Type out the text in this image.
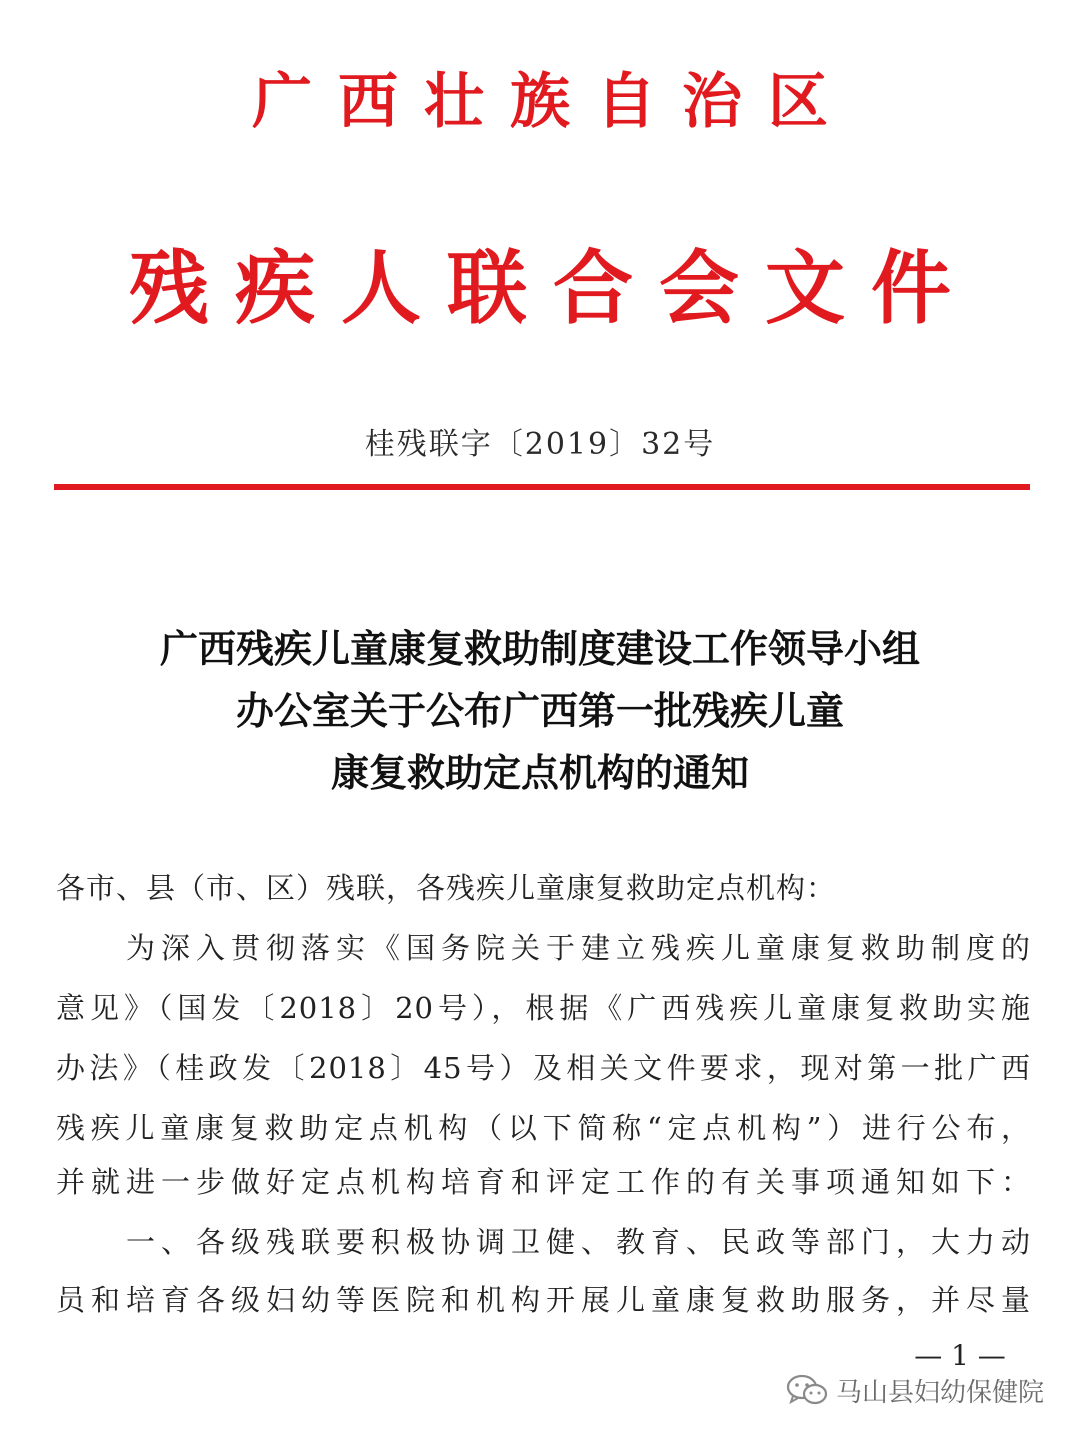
广西壮族自治区
残疾人联合会文件
桂残联字〔2019〕32号
广西残疾儿童康复救助制度建设工作领导小组
办公室关于公布广西第一批残疾儿童
康复救助定点机构的通知
各市、县（市、区）残联，各残疾儿童康复救助定点机构：
　　为深入贯彻落实《国务院关于建立残疾儿童康复救助制度的
意见》（国发〔2018〕20号），根据《广西残疾儿童康复救助实施
办法》（桂政发〔2018〕45号）及相关文件要求，现对第一批广西
残疾儿童康复救助定点机构（以下简称“定点机构”）进行公布，
并就进一步做好定点机构培育和评定工作的有关事项通知如下：
　　一、各级残联要积极协调卫健、教育、民政等部门，大力动
员和培育各级妇幼等医院和机构开展儿童康复救助服务，并尽量
— 1 —
马山县妇幼保健院
